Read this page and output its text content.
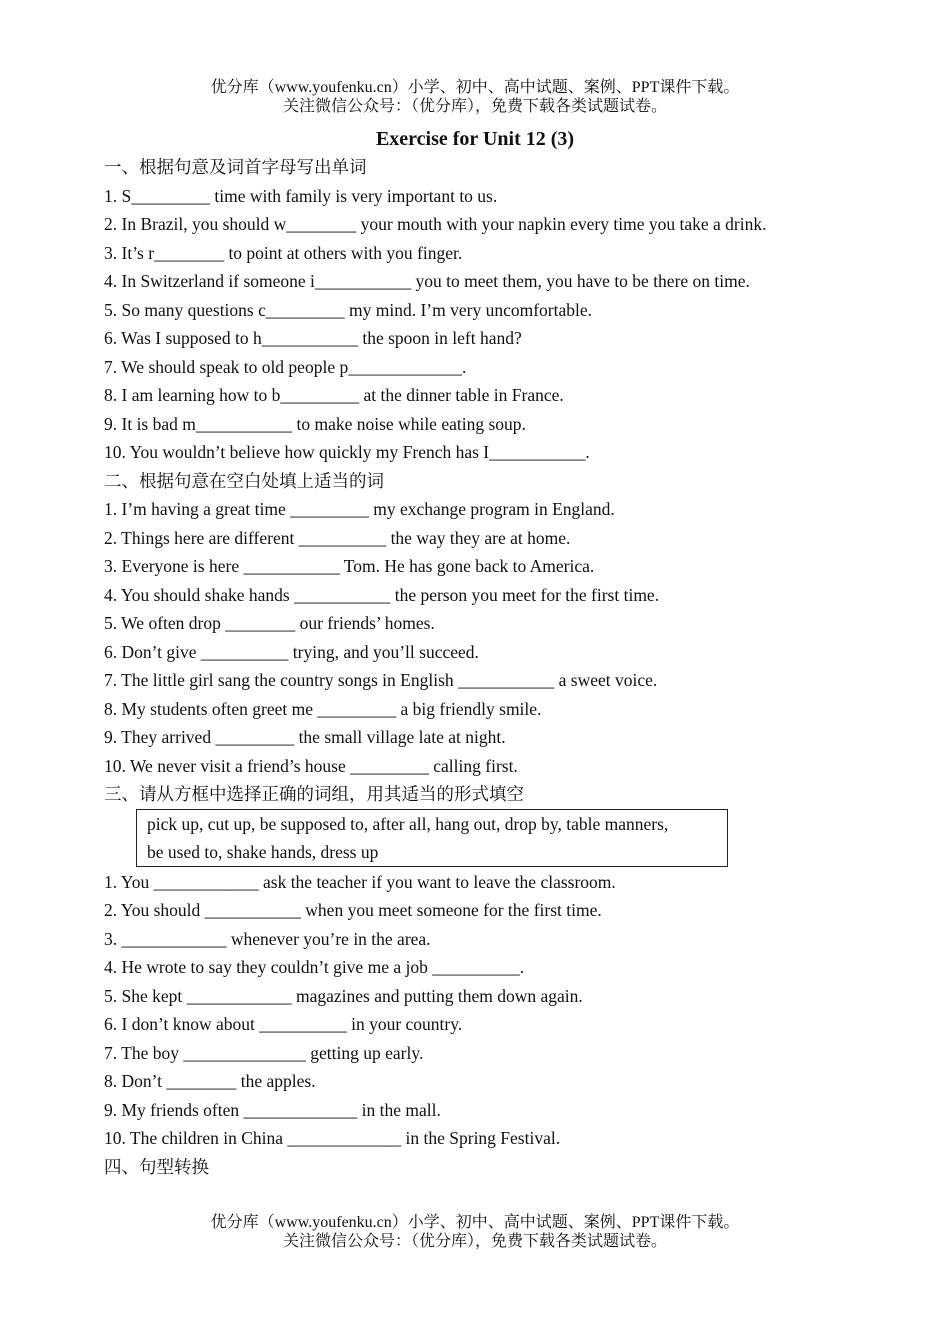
优分库（www.youfenku.cn）小学、初中、高中试题、案例、PPT课件下载。
关注微信公众号：（优分库），免费下载各类试题试卷。
Exercise for Unit 12 (3)
一、根据句意及词首字母写出单词
1. S_________ time with family is very important to us.
2. In Brazil, you should w________ your mouth with your napkin every time you take a drink.
3. It’s r________ to point at others with you finger.
4. In Switzerland if someone i___________ you to meet them, you have to be there on time.
5. So many questions c_________ my mind. I’m very uncomfortable.
6. Was I supposed to h___________ the spoon in left hand?
7. We should speak to old people p_____________.
8. I am learning how to b_________ at the dinner table in France.
9. It is bad m___________ to make noise while eating soup.
10. You wouldn’t believe how quickly my French has I___________.
二、根据句意在空白处填上适当的词
1. I’m having a great time _________ my exchange program in England.
2. Things here are different __________ the way they are at home.
3. Everyone is here ___________ Tom. He has gone back to America.
4. You should shake hands ___________ the person you meet for the first time.
5. We often drop ________ our friends’ homes.
6. Don’t give __________ trying, and you’ll succeed.
7. The little girl sang the country songs in English ___________ a sweet voice.
8. My students often greet me _________ a big friendly smile.
9. They arrived _________ the small village late at night.
10. We never visit a friend’s house _________ calling first.
三、请从方框中选择正确的词组，用其适当的形式填空
pick up, cut up, be supposed to, after all, hang out, drop by, table manners,
be used to, shake hands, dress up
1. You ____________ ask the teacher if you want to leave the classroom.
2. You should ___________ when you meet someone for the first time.
3. ____________ whenever you’re in the area.
4. He wrote to say they couldn’t give me a job __________.
5. She kept ____________ magazines and putting them down again.
6. I don’t know about __________ in your country.
7. The boy ______________ getting up early.
8. Don’t ________ the apples.
9. My friends often _____________ in the mall.
10. The children in China _____________ in the Spring Festival.
四、句型转换
优分库（www.youfenku.cn）小学、初中、高中试题、案例、PPT课件下载。
关注微信公众号：（优分库），免费下载各类试题试卷。
